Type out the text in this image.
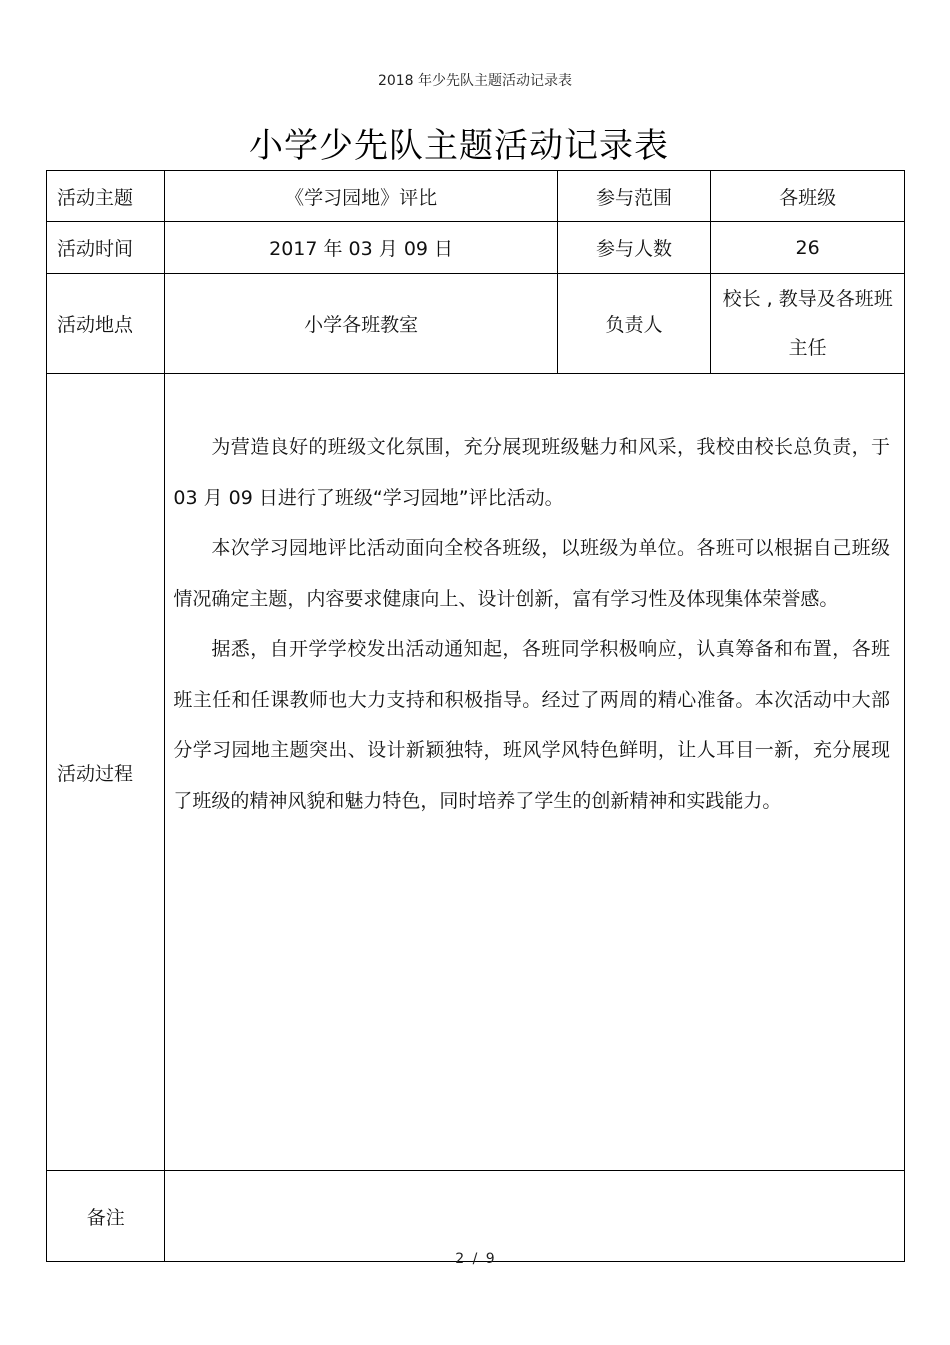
2018 年少先队主题活动记录表
小学少先队主题活动记录表
活动主题	《学习园地》评比	参与范围	各班级
活动时间	2017 年 03 月 09 日	参与人数	26
活动地点	小学各班教室	负责人	校长 , 教导及各班班主任
活动过程	为营造良好的班级文化氛围，充分展现班级魅力和风采，我校由校长总负责，于 03 月 09 日进行了班级“学习园地”评比活动。

本次学习园地评比活动面向全校各班级，以班级为单位。各班可以根据自己班级情况确定主题，内容要求健康向上、设计创新，富有学习性及体现集体荣誉感。

据悉，自开学学校发出活动通知起，各班同学积极响应，认真筹备和布置，各班班主任和任课教师也大力支持和积极指导。经过了两周的精心准备。本次活动中大部分学习园地主题突出、设计新颖独特，班风学风特色鲜明，让人耳目一新，充分展现了班级的精神风貌和魅力特色，同时培养了学生的创新精神和实践能力。		

备注			
2 / 9
